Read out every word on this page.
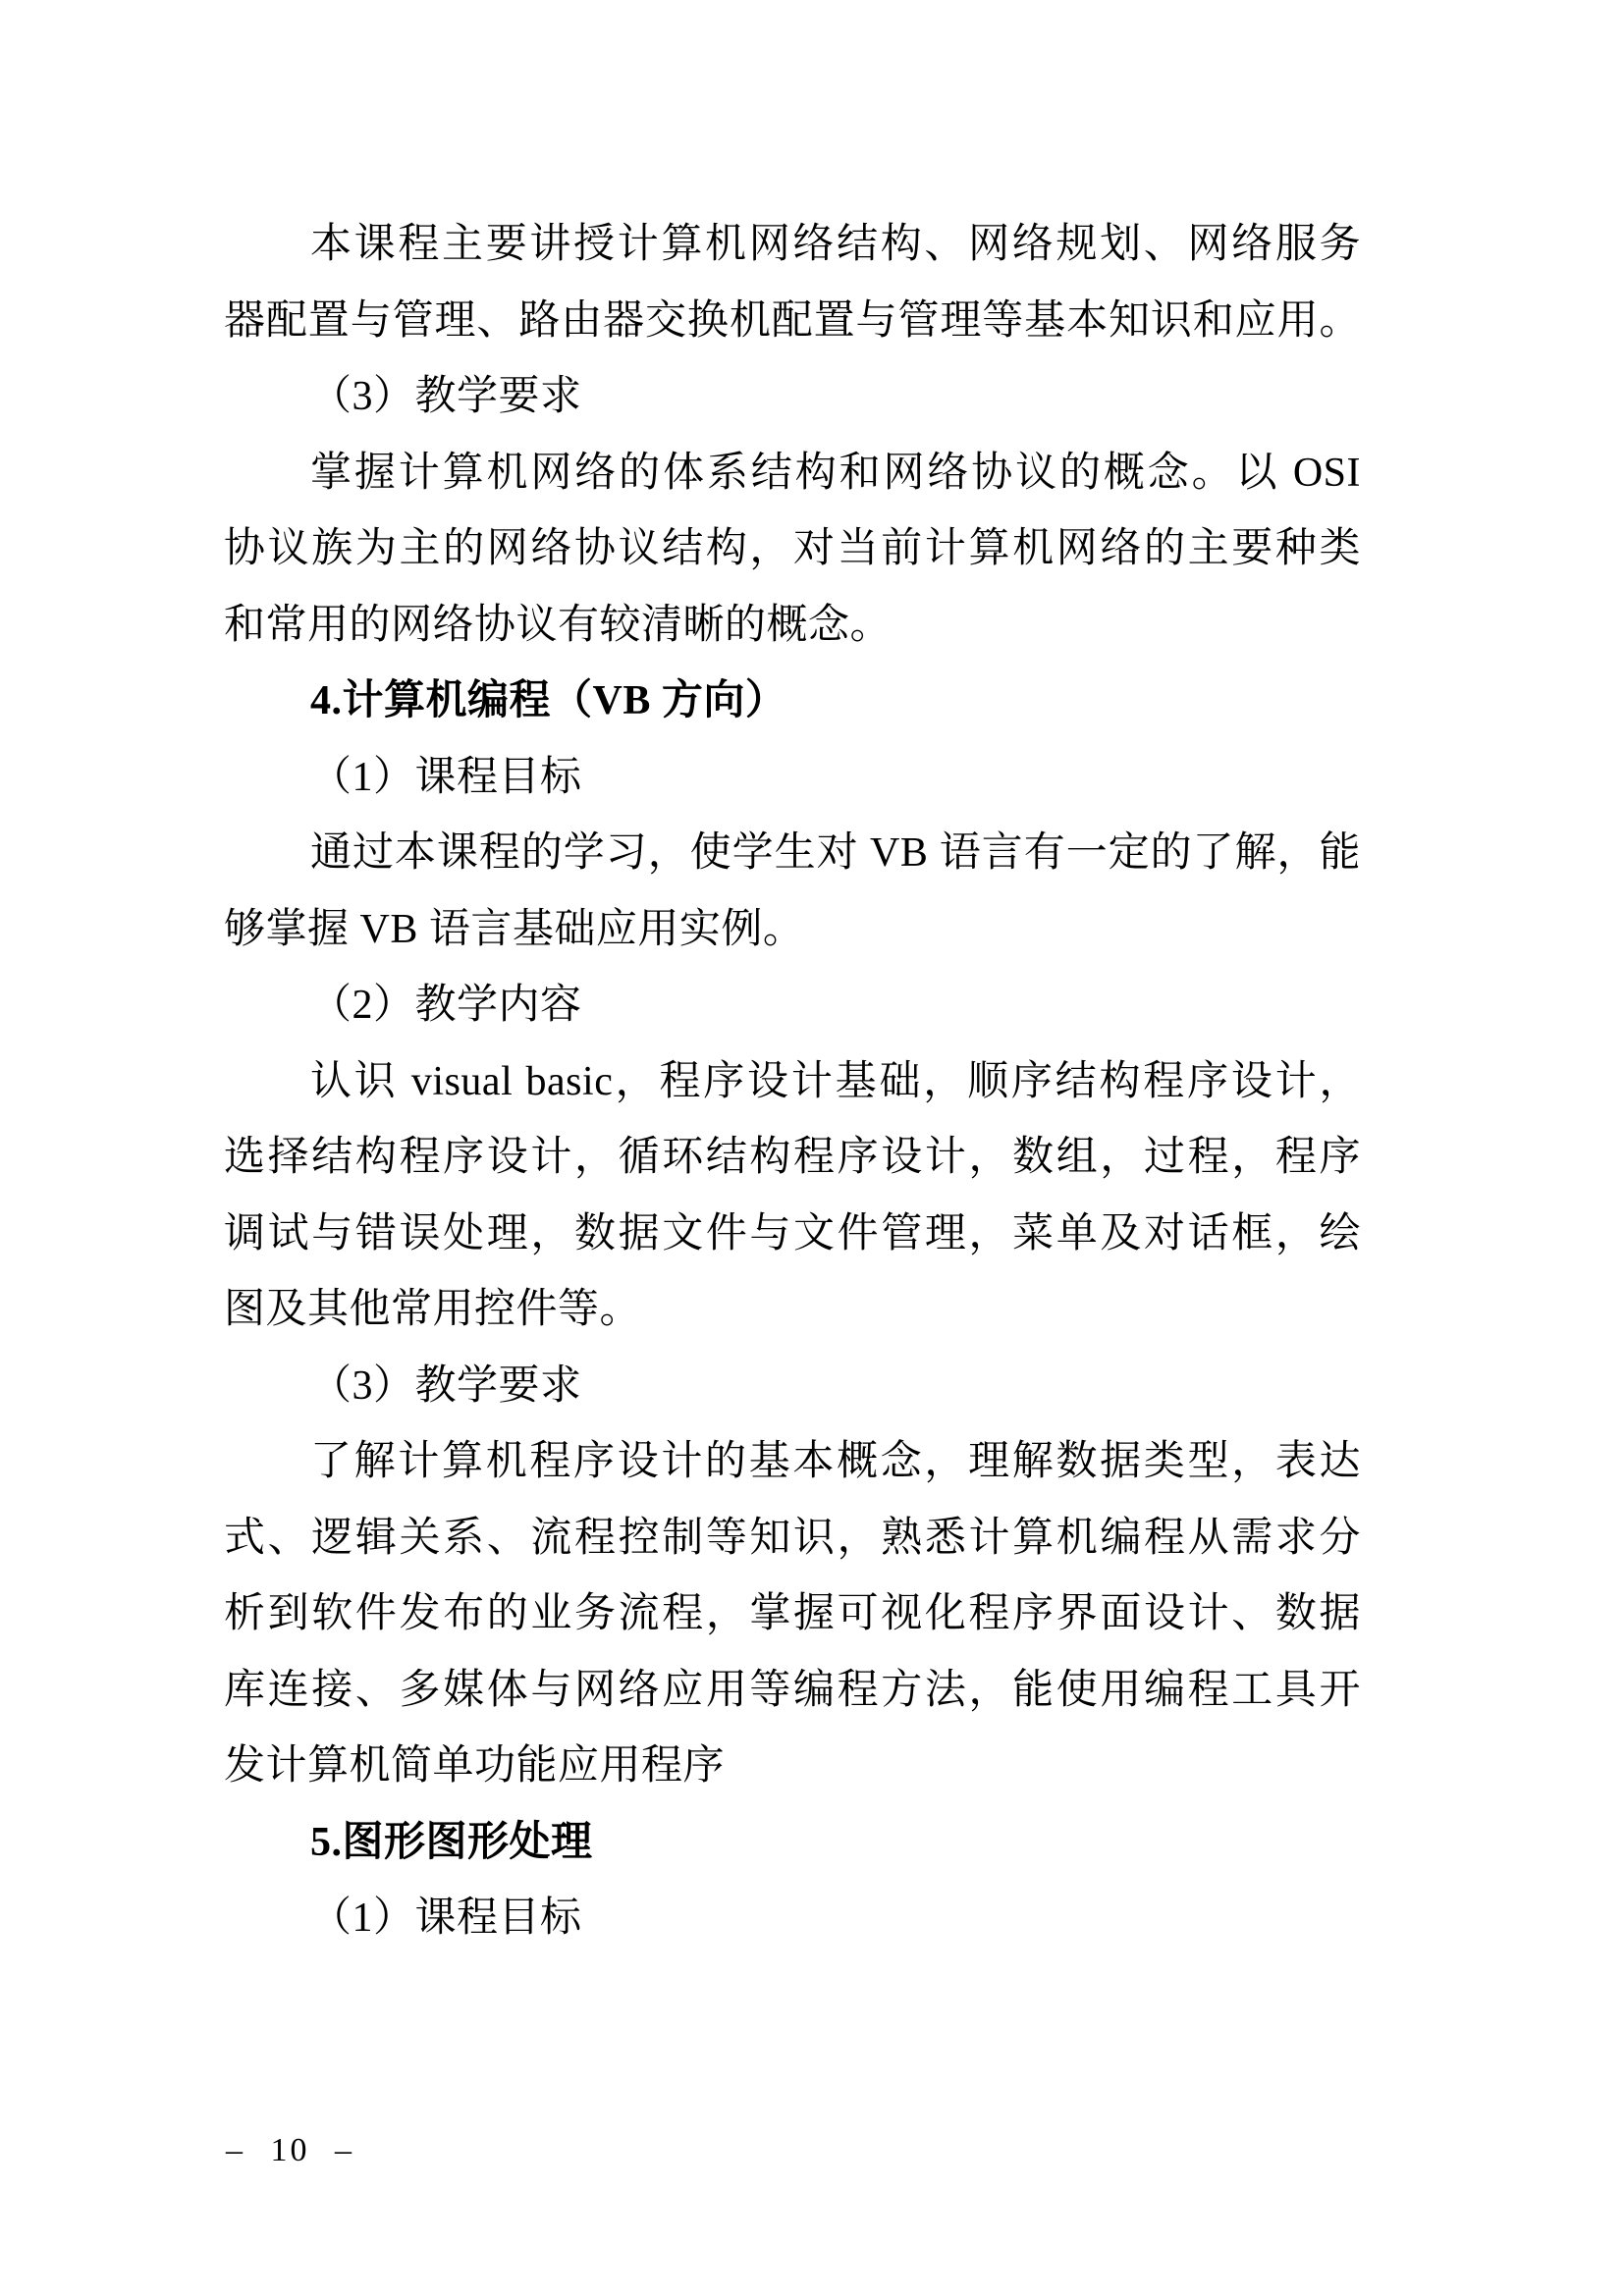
本课程主要讲授计算机网络结构、网络规划、网络服务
器配置与管理、路由器交换机配置与管理等基本知识和应用。
（3）教学要求
掌握计算机网络的体系结构和网络协议的概念。以 OSI
协议族为主的网络协议结构，对当前计算机网络的主要种类
和常用的网络协议有较清晰的概念。
4.计算机编程（VB 方向）
（1）课程目标
通过本课程的学习，使学生对 VB 语言有一定的了解，能
够掌握 VB 语言基础应用实例。
（2）教学内容
认识 visual basic，程序设计基础，顺序结构程序设计，
选择结构程序设计，循环结构程序设计，数组，过程，程序
调试与错误处理，数据文件与文件管理，菜单及对话框，绘
图及其他常用控件等。
（3）教学要求
了解计算机程序设计的基本概念，理解数据类型，表达
式、逻辑关系、流程控制等知识，熟悉计算机编程从需求分
析到软件发布的业务流程，掌握可视化程序界面设计、数据
库连接、多媒体与网络应用等编程方法，能使用编程工具开
发计算机简单功能应用程序
5.图形图形处理
（1）课程目标
– 10 –
